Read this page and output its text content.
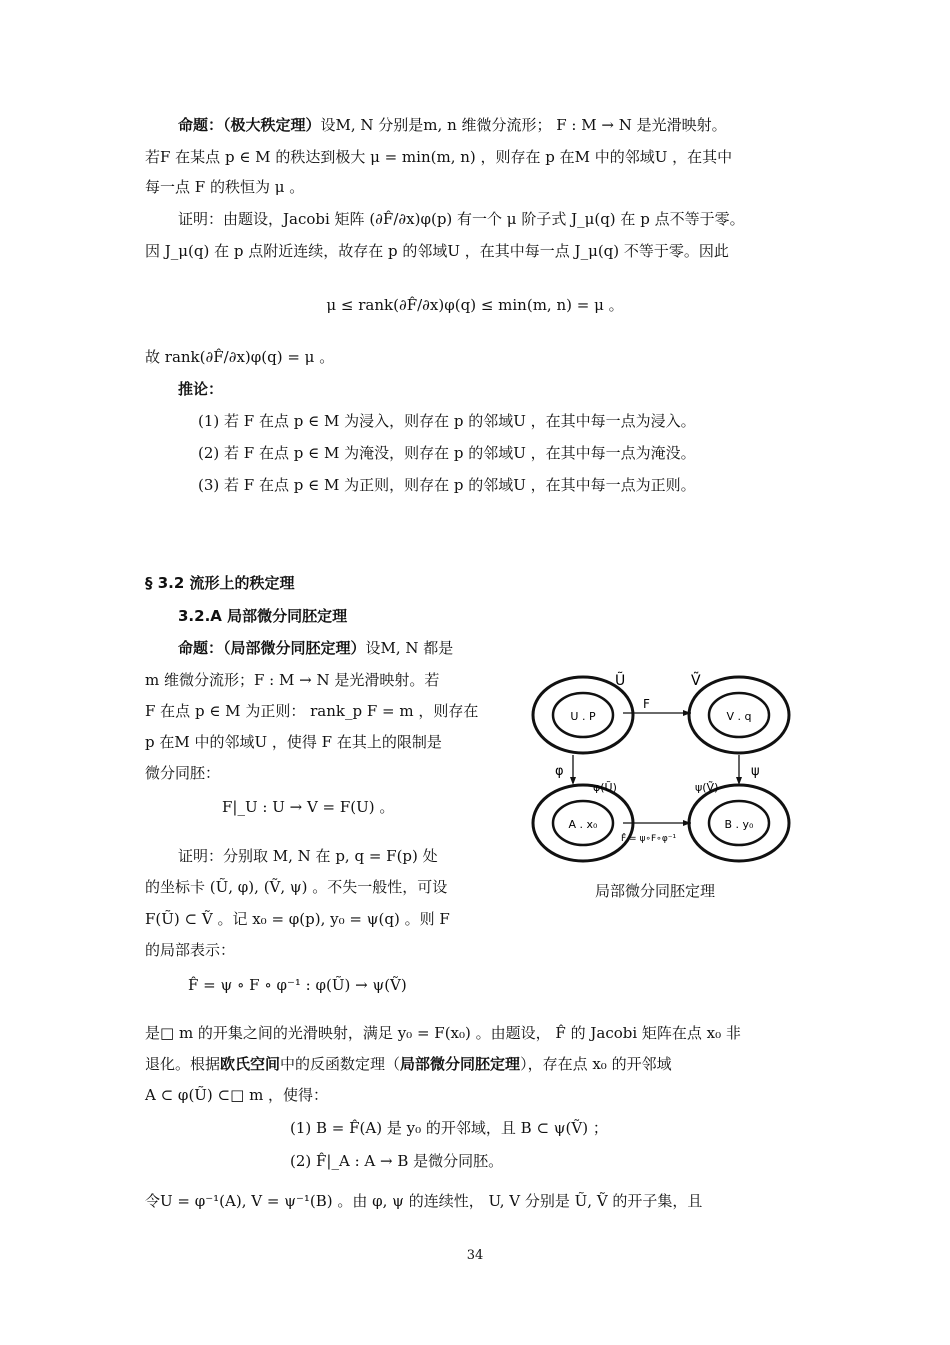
命题：（极大秩定理）设M, N 分别是m, n 维微分流形； F : M → N 是光滑映射。
若F 在某点 p ∈ M 的秩达到极大 μ = min(m, n) ，则存在 p 在M 中的邻域U ，在其中
每一点 F 的秩恒为 μ 。
证明：由题设，Jacobi 矩阵 (∂F̂/∂x)φ(p) 有一个 μ 阶子式 J_μ(q) 在 p 点不等于零。
因 J_μ(q) 在 p 点附近连续，故存在 p 的邻域U ，在其中每一点 J_μ(q) 不等于零。因此
μ ≤ rank(∂F̂/∂x)φ(q) ≤ min(m, n) = μ 。
故 rank(∂F̂/∂x)φ(q) = μ 。
推论：
(1) 若 F 在点 p ∈ M 为浸入，则存在 p 的邻域U ，在其中每一点为浸入。
(2) 若 F 在点 p ∈ M 为淹没，则存在 p 的邻域U ，在其中每一点为淹没。
(3) 若 F 在点 p ∈ M 为正则，则存在 p 的邻域U ，在其中每一点为正则。
§ 3.2 流形上的秩定理
3.2.A 局部微分同胚定理
命题：（局部微分同胚定理）设M, N 都是
m 维微分流形；F : M → N 是光滑映射。若
F 在点 p ∈ M 为正则： rank_p F = m ，则存在
p 在M 中的邻域U ，使得 F 在其上的限制是
微分同胚：
F|_U : U → V = F(U) 。
证明：分别取 M, N 在 p, q = F(p) 处
的坐标卡 (Ũ, φ), (Ṽ, ψ) 。不失一般性，可设
F(Ũ) ⊂ Ṽ 。记 x₀ = φ(p), y₀ = ψ(q) 。则 F
的局部表示：
F̂ = ψ ∘ F ∘ φ⁻¹ : φ(Ũ) → ψ(Ṽ)
是□ m 的开集之间的光滑映射，满足 y₀ = F(x₀) 。由题设， F̂ 的 Jacobi 矩阵在点 x₀ 非
退化。根据欧氏空间中的反函数定理（局部微分同胚定理），存在点 x₀ 的开邻域
A ⊂ φ(Ũ) ⊂□ m ，使得：
(1) B = F̂(A) 是 y₀ 的开邻域，且 B ⊂ ψ(Ṽ) ；
(2) F̂|_A : A → B 是微分同胚。
令U = φ⁻¹(A), V = ψ⁻¹(B) 。由 φ, ψ 的连续性， U, V 分别是 Ũ, Ṽ 的开子集，且
U . P
Ũ
V . q
Ṽ
A . x₀
φ(Ũ)
B . y₀
ψ(Ṽ)
F
φ	ψ
F̂ = ψ∘F∘φ⁻¹
局部微分同胚定理
34
